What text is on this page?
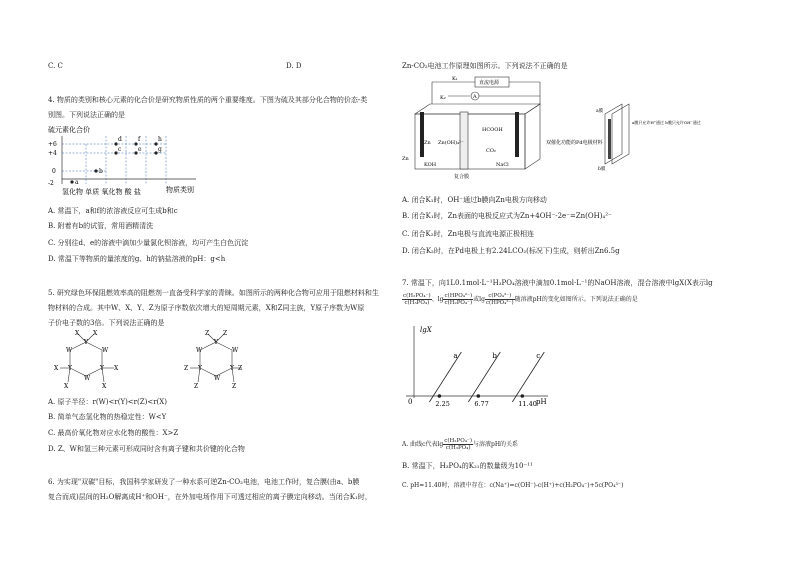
C. C	D. D
4. 物质的类别和核心元素的化合价是研究物质性质的两个重要维度。下图为硫及其部分化合物的价态-类
别图。下列说法正确的是
硫元素化合价
+6
+4
0
-2	a
b
c
d
e
f
g
h
氢化物 单质 氧化物 酸 盐	物质类别
A. 常温下，a和f的浓溶液反应可生成b和c
B. 附着有b的试管，常用酒精清洗
C. 分别往d、e的溶液中滴加少量氯化钡溶液，均可产生白色沉淀
D. 常温下等物质的量浓度的g、h的钠盐溶液的pH：g<h
5. 研究绿色环保阻燃效率高的阻燃剂一直备受科学家的青睐。如图所示的两种化合物可应用于阻燃材料和生
物材料的合成。其中W、X、Y、Z为原子序数依次增大的短周期元素，X和Z同主族，Y原子序数为W原
子价电子数的3倍。下列说法正确的是
X X
Y
W	W
X Y
W
Y X
X	X
Z Z
Y
W	W
Z Y
W
Y Z
Z	Z
A. 原子半径：r(W)<r(Y)<r(Z)<r(X)
B. 简单气态氢化物的热稳定性：W<Y
C. 最高价氧化物对应水化物的酸性：X>Z
D. Z、W和氢三种元素可形成同时含有离子键和共价键的化合物
6. 为实现"双碳"目标，我国科学家研发了一种水系可逆Zn-CO₂电池，电池工作时，复合膜(由a、b膜
复合而成)层间的H₂O解离成H⁺和OH⁻，在外加电场作用下可透过相应的离子膜定向移动。当闭合K₁时，
Zn-CO₂电池工作原理如图所示。下列说法不正确的是
K₁
K₂
直流电源
A
Zn
Zn
Zn(OH)₄²⁻
HCOOH
CO₂
KOH	NaCl
复合膜
双催化功能的Pd电极材料
a膜
b膜
a膜只允许H⁺通过 b膜只允许OH⁻通过
A. 闭合K₁时，OH⁻通过b膜向Zn电极方向移动
B. 闭合K₁时，Zn表面的电极反应式为Zn+4OH⁻-2e⁻=Zn(OH)₄²⁻
C. 闭合K₂时，Zn电极与直流电源正极相连
D. 闭合K₂时，在Pd电极上有2.24LCO₂(标况下)生成，则析出Zn6.5g
7. 常温下，向1L0.1mol·L⁻¹H₃PO₄溶液中滴加0.1mol·L⁻¹的NaOH溶液，混合溶液中lgX(X表示lg
$\frac{\text{c(H₂PO₄⁻)}}{\text{c(H₃PO₄)}}$ 、$\lg \frac{\text{c(HPO₄²⁻)}}{\text{c(H₂PO₄⁻)}}$ 或$\lg \frac{\text{c(PO₄³⁻)}}{\text{c(HPO₄²⁻)}}$ 随溶液pH的变化如图所示。下列说法正确的是
lgX
0	pH
a
2.25
b
6.77
c
11.40
A. 曲线c代表$\lg \frac{\text{c(H₂PO₄⁻)}}{\text{c(H₃PO₄)}}$ 与溶液pH的关系
B. 常温下，H₃PO₄的K₂₁的数量级为10⁻¹¹
C. pH=11.40时，溶液中存在：c(Na⁺)=c(OH⁻)-c(H⁺)+c(H₂PO₄⁻)+5c(PO₄³⁻)
